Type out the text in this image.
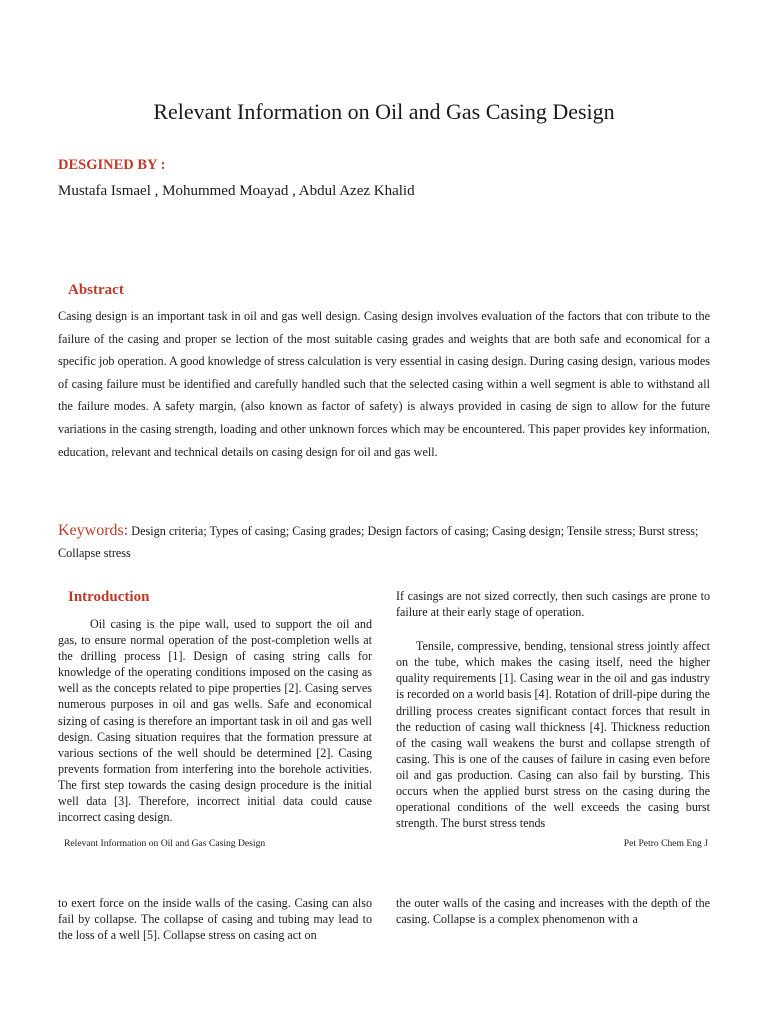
Relevant Information on Oil and Gas Casing Design
DESGINED BY :
Mustafa Ismael , Mohummed Moayad , Abdul Azez Khalid
Abstract
Casing design is an important task in oil and gas well design. Casing design involves evaluation of the factors that con tribute to the failure of the casing and proper se lection of the most suitable casing grades and weights that are both safe and economical for a specific job operation. A good knowledge of stress calculation is very essential in casing design. During casing design, various modes of casing failure must be identified and carefully handled such that the selected casing within a well segment is able to withstand all the failure modes. A safety margin, (also known as factor of safety) is always provided in casing de sign to allow for the future variations in the casing strength, loading and other unknown forces which may be encountered. This paper provides key information, education, relevant and technical details on casing design for oil and gas well.
Keywords: Design criteria; Types of casing; Casing grades; Design factors of casing; Casing design; Tensile stress; Burst stress; Collapse stress
Introduction

Oil casing is the pipe wall, used to support the oil and gas, to ensure normal operation of the post-completion wells at the drilling process [1]. Design of casing string calls for knowledge of the operating conditions imposed on the casing as well as the concepts related to pipe properties [2]. Casing serves numerous purposes in oil and gas wells. Safe and economical sizing of casing is therefore an important task in oil and gas well design. Casing situation requires that the formation pressure at various sections of the well should be determined [2]. Casing prevents formation from interfering into the borehole activities. The first step towards the casing design procedure is the initial well data [3]. Therefore, incorrect initial data could cause incorrect casing design.

If casings are not sized correctly, then such casings are prone to failure at their early stage of operation.

Tensile, compressive, bending, tensional stress jointly affect on the tube, which makes the casing itself, need the higher quality requirements [1]. Casing wear in the oil and gas industry is recorded on a world basis [4]. Rotation of drill-pipe during the drilling process creates significant contact forces that result in the reduction of casing wall thickness [4]. Thickness reduction of the casing wall weakens the burst and collapse strength of casing. This is one of the causes of failure in casing even before oil and gas production. Casing can also fail by bursting. This occurs when the applied burst stress on the casing during the operational conditions of the well exceeds the casing burst strength. The burst stress tends

Relevant Information on Oil and Gas Casing Design	Pet Petro Chem Eng J
to exert force on the inside walls of the casing. Casing can also fail by collapse. The collapse of casing and tubing may lead to the loss of a well [5]. Collapse stress on casing act on
the outer walls of the casing and increases with the depth of the casing. Collapse is a complex phenomenon with a
